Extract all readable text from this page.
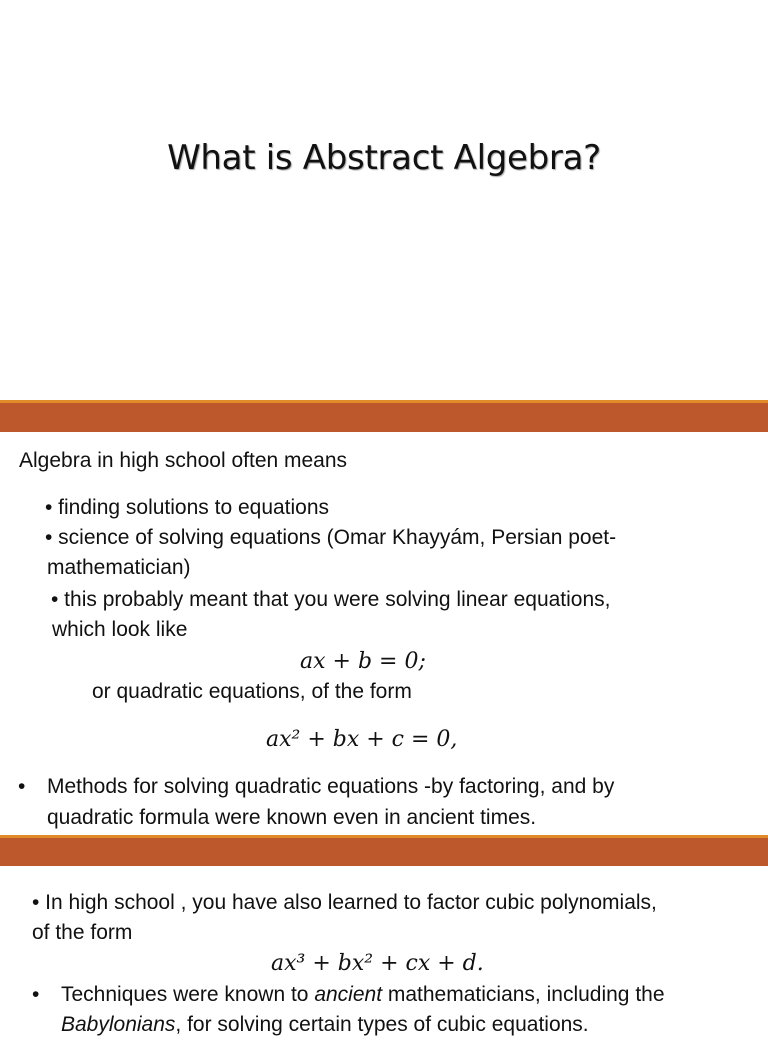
What is Abstract Algebra?
Algebra in high school often means
• finding solutions to equations
• science of solving equations (Omar Khayyám, Persian poet-
mathematician)
• this probably meant that you were solving linear equations,
which look like
ax + b = 0;
or quadratic equations, of the form
ax² + bx + c = 0,
• Methods for solving quadratic equations -by factoring, and by
quadratic formula were known even in ancient times.
• In high school , you have also learned to factor cubic polynomials,
of the form
ax³ + bx² + cx + d.
• Techniques were known to ancient mathematicians, including the
Babylonians, for solving certain types of cubic equations.
